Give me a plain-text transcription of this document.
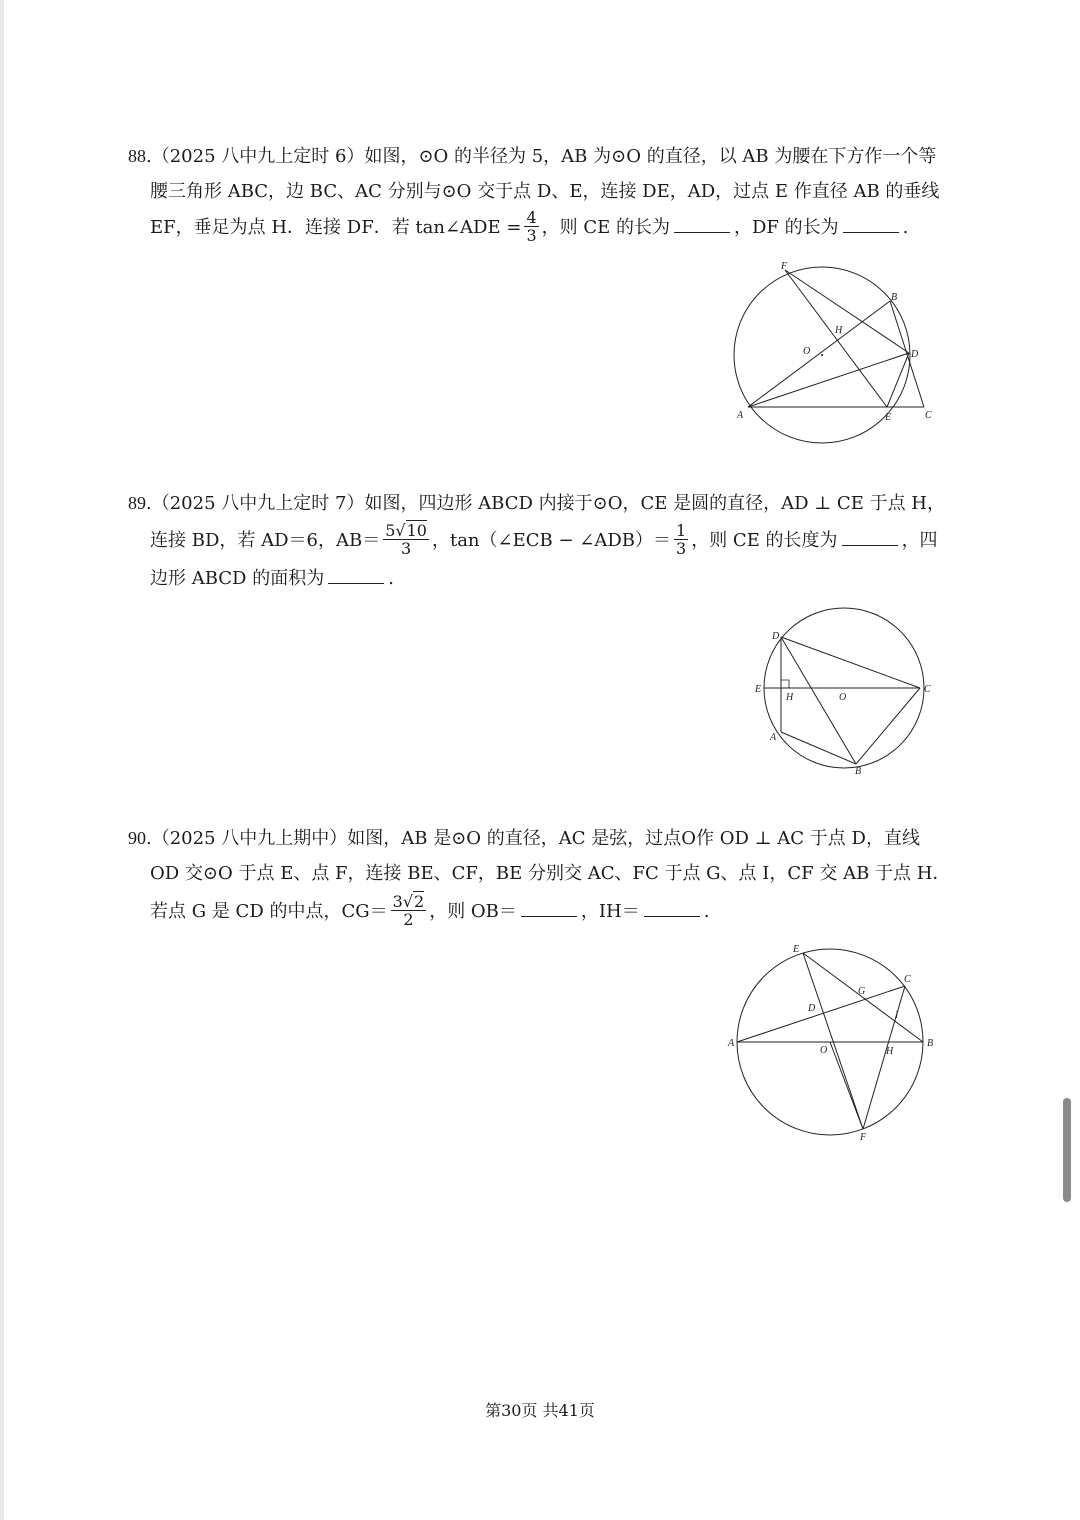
88.（2025 八中九上定时 6）如图，⊙O 的半径为 5，AB 为⊙O 的直径，以 AB 为腰在下方作一个等
腰三角形 ABC，边 BC、AC 分别与⊙O 交于点 D、E，连接 DE，AD，过点 E 作直径 AB 的垂线
EF，垂足为点 H．连接 DF．若 tan∠ADE = $\frac{4}{3}$ ，则 CE 的长为	，DF 的长为	.
F
B
H
O	D
A	E	C
89.（2025 八中九上定时 7）如图，四边形 ABCD 内接于⊙O，CE 是圆的直径，AD ⊥ CE 于点 H，
连接 BD，若 AD＝6，$AB= \frac{5√10}{3}$ ，tan（∠ECB − ∠ADB）＝ $\frac{1}{3}$ ，则 CE 的长度为	，四
边形 ABCD 的面积为	.
D
E
H	O
C
A
B
90.（2025 八中九上期中）如图，AB 是⊙O 的直径，AC 是弦，过点O作 OD ⊥ AC 于点 D，直线
OD 交⊙O 于点 E、点 F，连接 BE、CF，BE 分别交 AC、FC 于点 G、点 I，CF 交 AB 于点 H．
若点 G 是 CD 的中点，$CG= \frac{3√2}{2}$ ，则 OB＝	，IH＝	.
E
C
D
G
I
A
O	H
B
F
第30页 共41页
